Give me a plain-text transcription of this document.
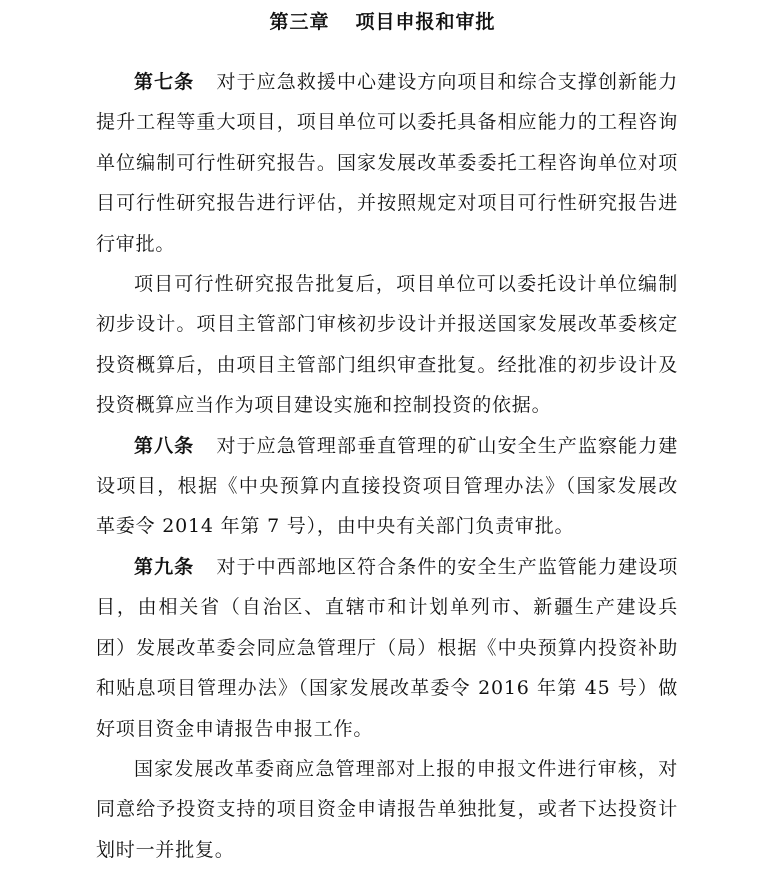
第三章 项目申报和审批

第七条 对于应急救援中心建设方向项目和综合支撑创新能力提升工程等重大项目，项目单位可以委托具备相应能力的工程咨询单位编制可行性研究报告。国家发展改革委委托工程咨询单位对项目可行性研究报告进行评估，并按照规定对项目可行性研究报告进行审批。

项目可行性研究报告批复后，项目单位可以委托设计单位编制初步设计。项目主管部门审核初步设计并报送国家发展改革委核定投资概算后，由项目主管部门组织审查批复。经批准的初步设计及投资概算应当作为项目建设实施和控制投资的依据。

第八条 对于应急管理部垂直管理的矿山安全生产监察能力建设项目，根据《中央预算内直接投资项目管理办法》（国家发展改革委令 2014 年第 7 号），由中央有关部门负责审批。

第九条 对于中西部地区符合条件的安全生产监管能力建设项目，由相关省（自治区、直辖市和计划单列市、新疆生产建设兵团）发展改革委会同应急管理厅（局）根据《中央预算内投资补助和贴息项目管理办法》（国家发展改革委令 2016 年第 45 号）做好项目资金申请报告申报工作。

国家发展改革委商应急管理部对上报的申报文件进行审核，对同意给予投资支持的项目资金申请报告单独批复，或者下达投资计划时一并批复。
